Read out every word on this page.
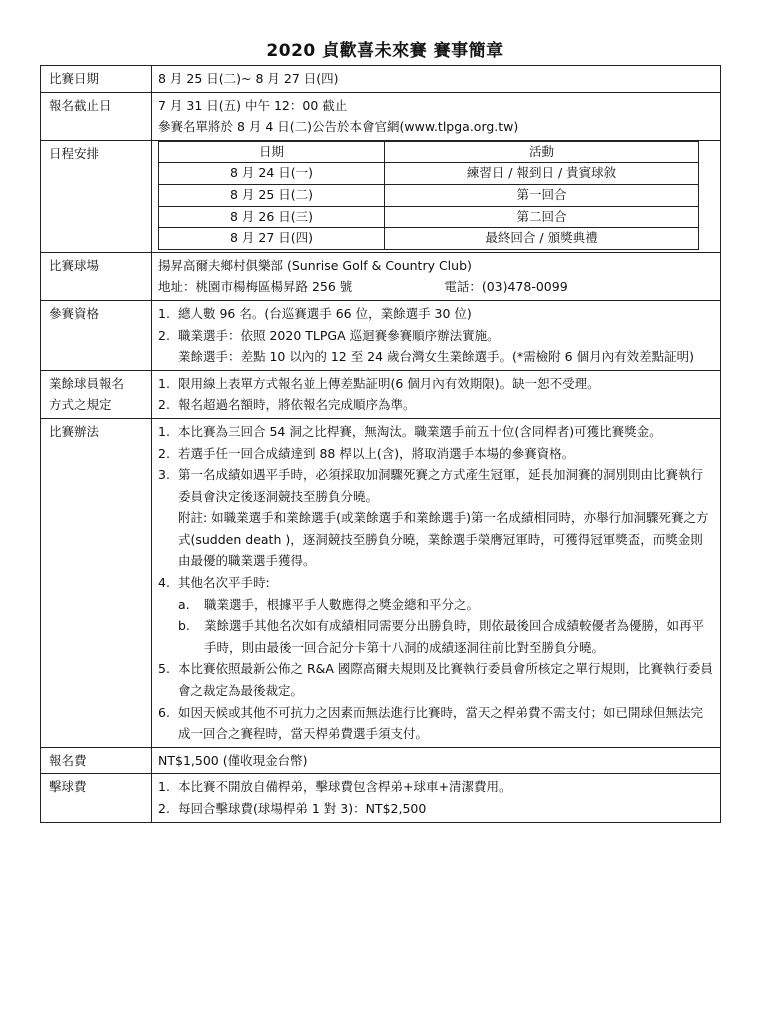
2020 貞歡喜未來賽 賽事簡章
比賽日期	8 月 25 日(二)~ 8 月 27 日(四)
報名截止日	7 月 31 日(五) 中午 12：00 截止
參賽名單將於 8 月 4 日(二)公告於本會官網(www.tlpga.org.tw)

日程安排		日期	活動
8 月 24 日(一)	練習日 / 報到日 / 貴賓球敘
8 月 25 日(二)	第一回合
8 月 26 日(三)	第二回合
8 月 27 日(四)	最終回合 / 頒獎典禮

比賽球場	揚昇高爾夫鄉村俱樂部 (Sunrise Golf & Country Club)
地址：桃園市楊梅區楊昇路 256 號	電話：(03)478-0099

參賽資格	1. 總人數 96 名。(台巡賽選手 66 位，業餘選手 30 位)
2. 職業選手：依照 2020 TLPGA 巡迴賽參賽順序辦法實施。
業餘選手：差點 10 以內的 12 至 24 歲台灣女生業餘選手。(*需檢附 6 個月內有效差點証明)

業餘球員報名
方式之規定

1. 限用線上表單方式報名並上傳差點証明(6 個月內有效期限)。缺一恕不受理。
2. 報名超過名額時，將依報名完成順序為準。

比賽辦法	1. 本比賽為三回合 54 洞之比桿賽，無淘汰。職業選手前五十位(含同桿者)可獲比賽獎金。
2. 若選手任一回合成績達到 88 桿以上(含)，將取消選手本場的參賽資格。
3. 第一名成績如遇平手時，必須採取加洞驟死賽之方式產生冠軍，延長加洞賽的洞別則由比賽執行委員會決定後逐洞競技至勝負分曉。
附註: 如職業選手和業餘選手(或業餘選手和業餘選手)第一名成績相同時，亦舉行加洞驟死賽之方式(sudden death )，逐洞競技至勝負分曉，業餘選手榮膺冠軍時，可獲得冠軍獎盃，而獎金則由最優的職業選手獲得。
4. 其他名次平手時:
a.	職業選手，根據平手人數應得之獎金總和平分之。
b.	業餘選手其他名次如有成績相同需要分出勝負時，則依最後回合成績較優者為優勝，如再平手時，則由最後一回合記分卡第十八洞的成績逐洞往前比對至勝負分曉。
5. 本比賽依照最新公佈之 R&A 國際高爾夫規則及比賽執行委員會所核定之單行規則，比賽執行委員會之裁定為最後裁定。
6. 如因天候或其他不可抗力之因素而無法進行比賽時，當天之桿弟費不需支付；如已開球但無法完成一回合之賽程時，當天桿弟費選手須支付。

報名費	NT$1,500 (僅收現金台幣)
擊球費	1. 本比賽不開放自備桿弟，擊球費包含桿弟+球車+清潔費用。
2. 每回合擊球費(球場桿弟 1 對 3)：NT$2,500
